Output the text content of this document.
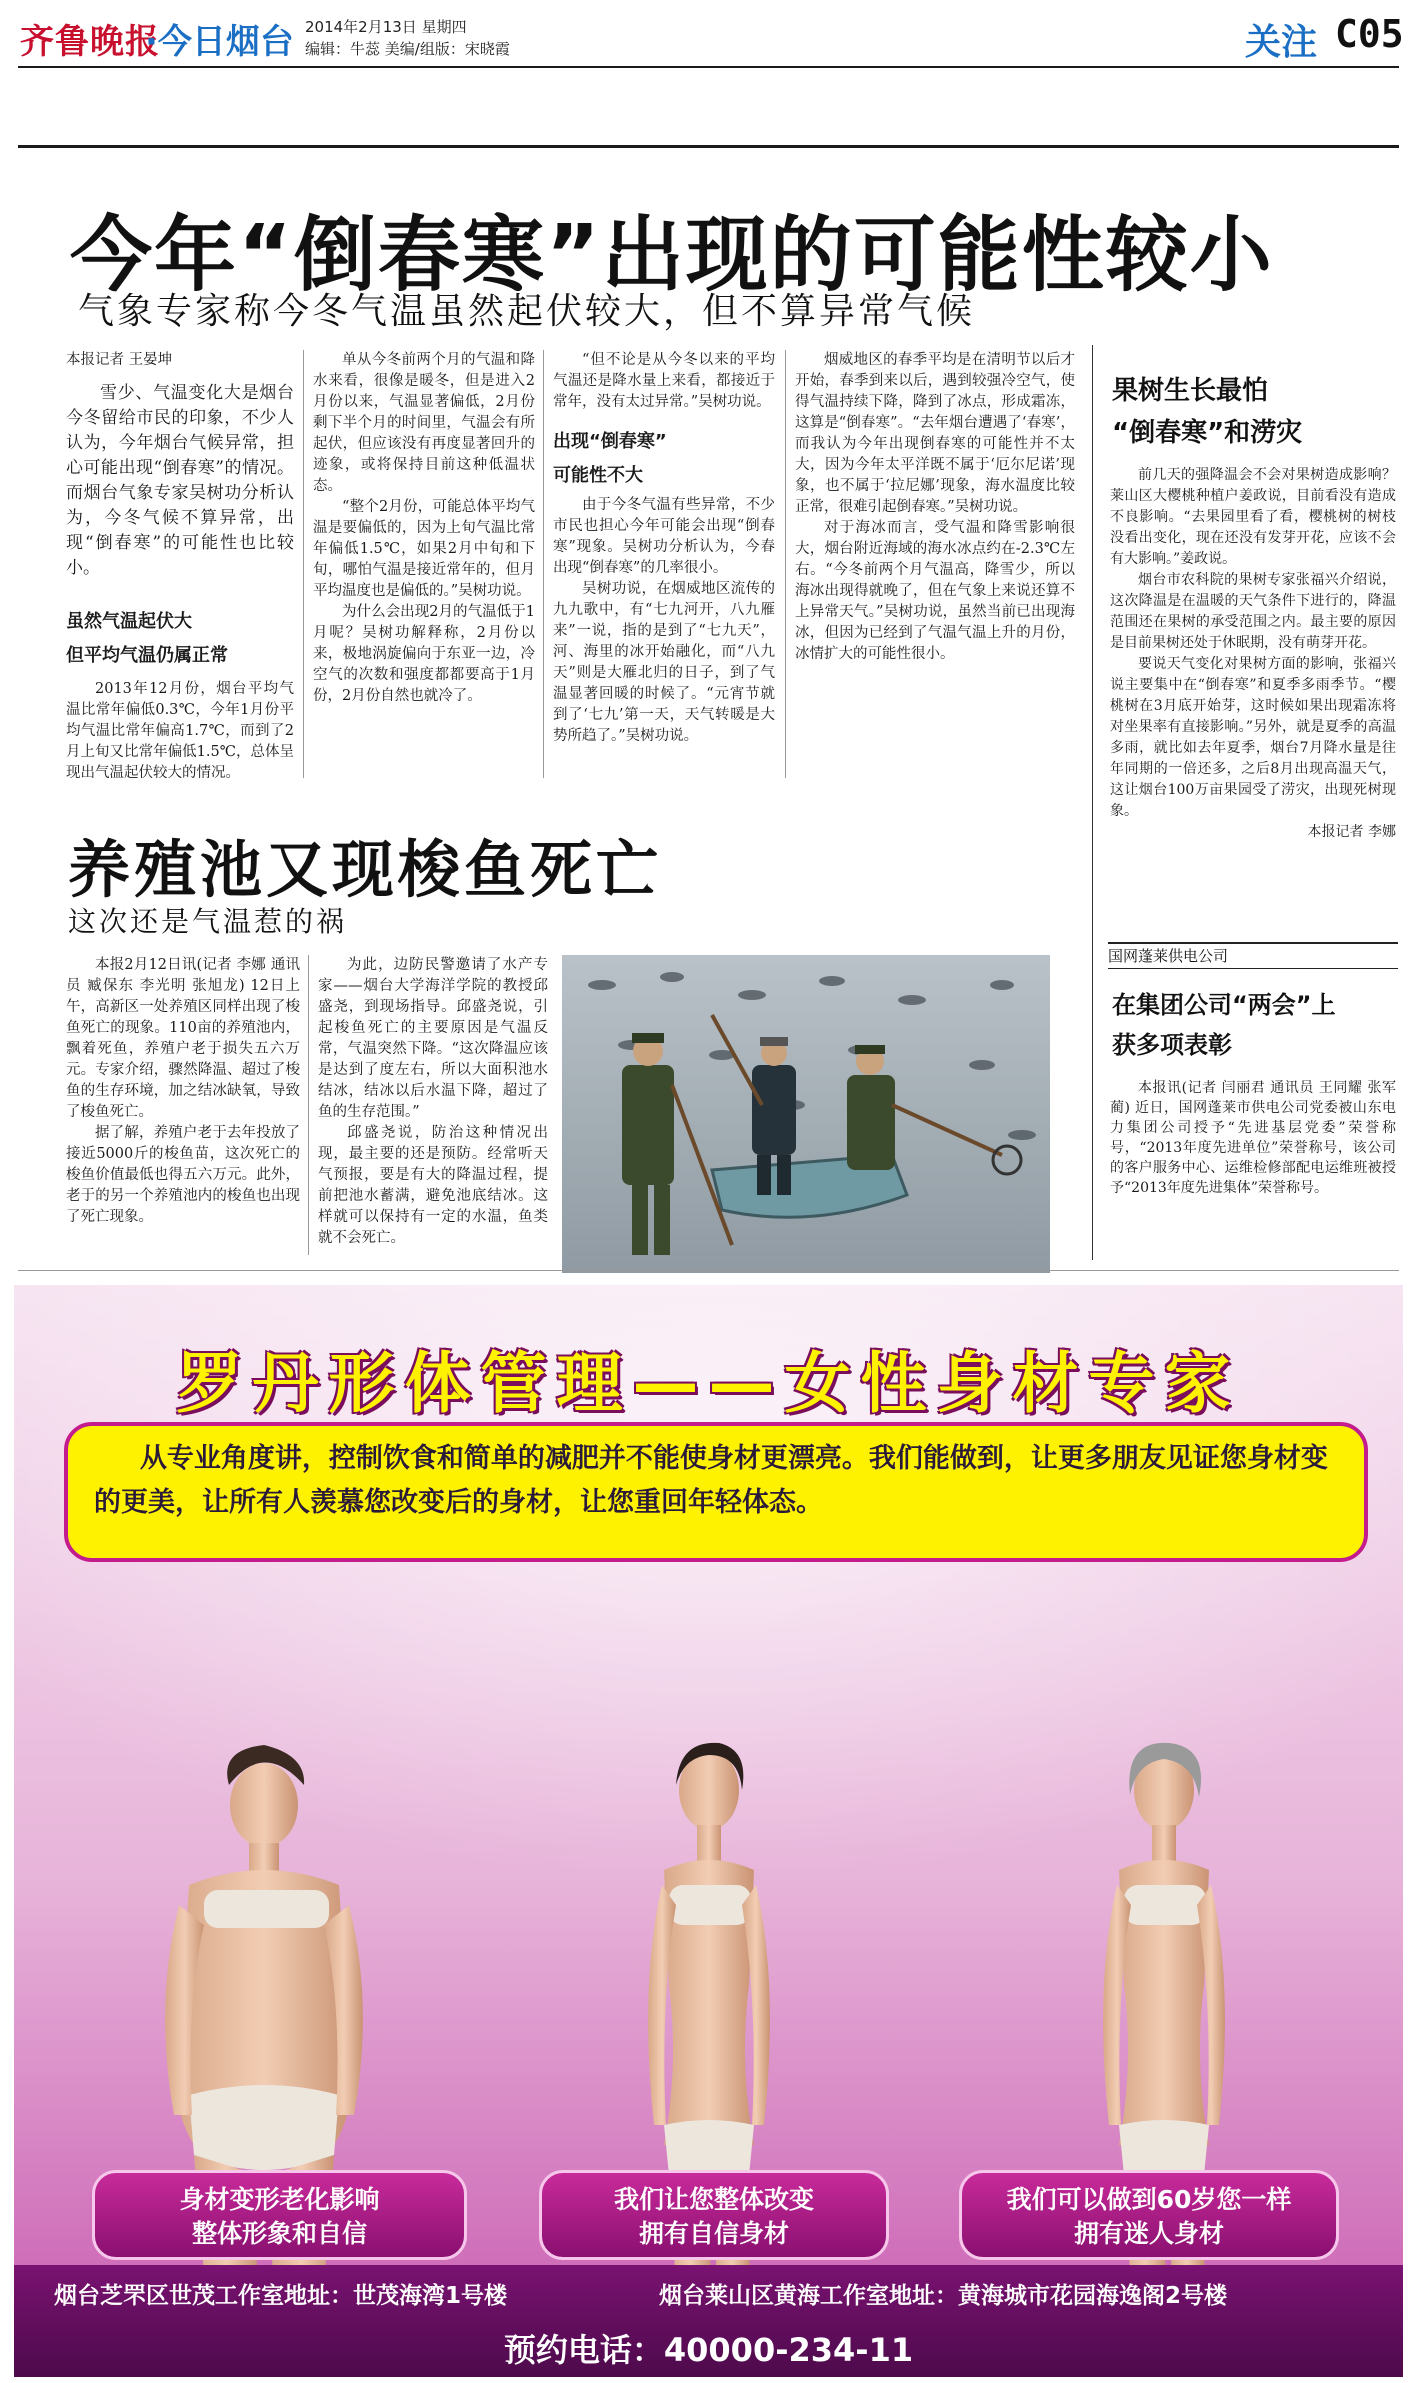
齐鲁晚报
·今日烟台 2014年2月13日 星期四
编辑：牛蕊 美编/组版：宋晓霞	关注 C05
今年“倒春寒”出现的可能性较小
气象专家称今冬气温虽然起伏较大，但不算异常气候

本报记者 王晏坤

雪少、气温变化大是烟台今冬留给市民的印象，不少人认为，今年烟台气候异常，担心可能出现“倒春寒”的情况。而烟台气象专家吴树功分析认为，今冬气候不算异常，出现“倒春寒”的可能性也比较小。

虽然气温起伏大

但平均气温仍属正常

2013年12月份，烟台平均气温比常年偏低0.3℃，今年1月份平均气温比常年偏高1.7℃，而到了2月上旬又比常年偏低1.5℃，总体呈现出气温起伏较大的情况。

单从今冬前两个月的气温和降水来看，很像是暖冬，但是进入2月份以来，气温显著偏低，2月份剩下半个月的时间里，气温会有所起伏，但应该没有再度显著回升的迹象，或将保持目前这种低温状态。

“整个2月份，可能总体平均气温是要偏低的，因为上旬气温比常年偏低1.5℃，如果2月中旬和下旬，哪怕气温是接近常年的，但月平均温度也是偏低的。”吴树功说。

为什么会出现2月的气温低于1月呢？吴树功解释称，2月份以来，极地涡旋偏向于东亚一边，冷空气的次数和强度都都要高于1月份，2月份自然也就冷了。

“但不论是从今冬以来的平均气温还是降水量上来看，都接近于常年，没有太过异常。”吴树功说。

出现“倒春寒”

可能性不大

由于今冬气温有些异常，不少市民也担心今年可能会出现“倒春寒”现象。吴树功分析认为，今春出现“倒春寒”的几率很小。

吴树功说，在烟威地区流传的九九歌中，有“七九河开，八九雁来”一说，指的是到了“七九天”，河、海里的冰开始融化，而“八九天”则是大雁北归的日子，到了气温显著回暖的时候了。“元宵节就到了‘七九’第一天，天气转暖是大势所趋了。”吴树功说。

烟威地区的春季平均是在清明节以后才开始，春季到来以后，遇到较强冷空气，使得气温持续下降，降到了冰点，形成霜冻，这算是“倒春寒”。“去年烟台遭遇了‘春寒’，而我认为今年出现倒春寒的可能性并不太大，因为今年太平洋既不属于‘厄尔尼诺’现象，也不属于‘拉尼娜’现象，海水温度比较正常，很难引起倒春寒。”吴树功说。

对于海冰而言，受气温和降雪影响很大，烟台附近海域的海水冰点约在-2.3℃左右。“今冬前两个月气温高，降雪少，所以海冰出现得就晚了，但在气象上来说还算不上异常天气。”吴树功说，虽然当前已出现海冰，但因为已经到了气温气温上升的月份，冰情扩大的可能性很小。

果树生长最怕
“倒春寒”和涝灾

前几天的强降温会不会对果树造成影响？莱山区大樱桃种植户姜政说，目前看没有造成不良影响。“去果园里看了看，樱桃树的树枝没看出变化，现在还没有发芽开花，应该不会有大影响。”姜政说。

烟台市农科院的果树专家张福兴介绍说，这次降温是在温暖的天气条件下进行的，降温范围还在果树的承受范围之内。最主要的原因是目前果树还处于休眠期，没有萌芽开花。

要说天气变化对果树方面的影响，张福兴说主要集中在“倒春寒”和夏季多雨季节。“樱桃树在3月底开始芽，这时候如果出现霜冻将对坐果率有直接影响。”另外，就是夏季的高温多雨，就比如去年夏季，烟台7月降水量是往年同期的一倍还多，之后8月出现高温天气，这让烟台100万亩果园受了涝灾，出现死树现象。

本报记者 李娜

国网蓬莱供电公司
在集团公司“两会”上
获多项表彰

本报讯(记者 闫丽君 通讯员 王同耀 张军蔺) 近日，国网蓬莱市供电公司党委被山东电力集团公司授予“先进基层党委”荣誉称号，“2013年度先进单位”荣誉称号，该公司的客户服务中心、运维检修部配电运维班被授予“2013年度先进集体”荣誉称号。

养殖池又现梭鱼死亡
这次还是气温惹的祸

本报2月12日讯(记者 李娜 通讯员 臧保东 李光明 张旭龙) 12日上午，高新区一处养殖区同样出现了梭鱼死亡的现象。110亩的养殖池内，飘着死鱼，养殖户老于损失五六万元。专家介绍，骤然降温、超过了梭鱼的生存环境，加之结冰缺氧，导致了梭鱼死亡。

据了解，养殖户老于去年投放了接近5000斤的梭鱼苗，这次死亡的梭鱼价值最低也得五六万元。此外，老于的另一个养殖池内的梭鱼也出现了死亡现象。

为此，边防民警邀请了水产专家——烟台大学海洋学院的教授邱盛尧，到现场指导。邱盛尧说，引起梭鱼死亡的主要原因是气温反常，气温突然下降。“这次降温应该是达到了度左右，所以大面积池水结冰，结冰以后水温下降，超过了鱼的生存范围。”

邱盛尧说，防治这种情况出现，最主要的还是预防。经常听天气预报，要是有大的降温过程，提前把池水蓄满，避免池底结冰。这样就可以保持有一定的水温，鱼类就不会死亡。

罗丹形体管理——女性身材专家
从专业角度讲，控制饮食和简单的减肥并不能使身材更漂亮。我们能做到，让更多朋友见证您身材变的更美，让所有人羡慕您改变后的身材，让您重回年轻体态。
身材变形老化影响
整体形象和自信
我们让您整体改变
拥有自信身材
我们可以做到60岁您一样
拥有迷人身材
烟台芝罘区世茂工作室地址：世茂海湾1号楼	烟台莱山区黄海工作室地址：黄海城市花园海逸阁2号楼
预约电话：40000-234-11
